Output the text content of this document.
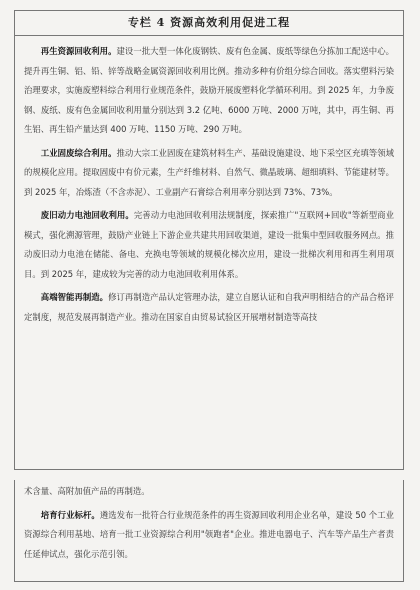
专栏 4 资源高效利用促进工程

再生资源回收利用。建设一批大型一体化废钢铁、废有色金属、废纸等绿色分拣加工配送中心。提升再生铜、铝、铅、锌等战略金属资源回收利用比例。推动多种有价组分综合回收。落实塑料污染治理要求，实施废塑料综合利用行业规范条件，鼓励开展废塑料化学循环利用。到 2025 年，力争废钢、废纸、废有色金属回收利用量分别达到 3.2 亿吨、6000 万吨、2000 万吨，其中，再生铜、再生铝、再生铅产量达到 400 万吨、1150 万吨、290 万吨。

工业固废综合利用。推动大宗工业固废在建筑材料生产、基础设施建设、地下采空区充填等领域的规模化应用。提取固废中有价元素，生产纤维材料、自然气、微晶玻璃、超细填料、节能建材等。到 2025 年，冶炼渣（不含赤泥）、工业副产石膏综合利用率分别达到 73%、73%。

废旧动力电池回收利用。完善动力电池回收利用法规制度，探索推广"互联网+回收"等新型商业模式，强化溯源管理，鼓励产业链上下游企业共建共用回收渠道，建设一批集中型回收服务网点。推动废旧动力电池在储能、备电、充换电等领域的规模化梯次应用，建设一批梯次利用和再生利用项目。到 2025 年，建成较为完善的动力电池回收利用体系。

高端智能再制造。修订再制造产品认定管理办法，建立自愿认证和自我声明相结合的产品合格评定制度，规范发展再制造产业。推动在国家自由贸易试验区开展增材制造等高技

术含量、高附加值产品的再制造。

培育行业标杆。遴选发布一批符合行业规范条件的再生资源回收利用企业名单，建设 50 个工业资源综合利用基地、培育一批工业资源综合利用"领跑者"企业。推进电器电子、汽车等产品生产者责任延伸试点，强化示范引领。
